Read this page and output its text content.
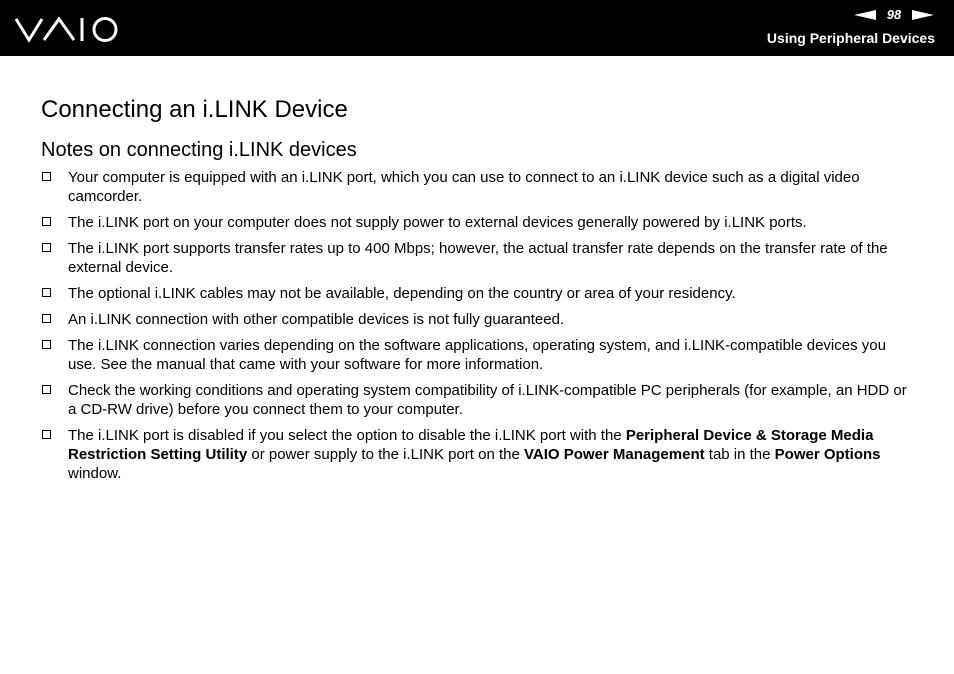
98
Using Peripheral Devices
Connecting an i.LINK Device
Notes on connecting i.LINK devices
Your computer is equipped with an i.LINK port, which you can use to connect to an i.LINK device such as a digital video camcorder.
The i.LINK port on your computer does not supply power to external devices generally powered by i.LINK ports.
The i.LINK port supports transfer rates up to 400 Mbps; however, the actual transfer rate depends on the transfer rate of the external device.
The optional i.LINK cables may not be available, depending on the country or area of your residency.
An i.LINK connection with other compatible devices is not fully guaranteed.
The i.LINK connection varies depending on the software applications, operating system, and i.LINK-compatible devices you use. See the manual that came with your software for more information.
Check the working conditions and operating system compatibility of i.LINK-compatible PC peripherals (for example, an HDD or a CD-RW drive) before you connect them to your computer.
The i.LINK port is disabled if you select the option to disable the i.LINK port with the Peripheral Device & Storage Media Restriction Setting Utility or power supply to the i.LINK port on the VAIO Power Management tab in the Power Options window.
